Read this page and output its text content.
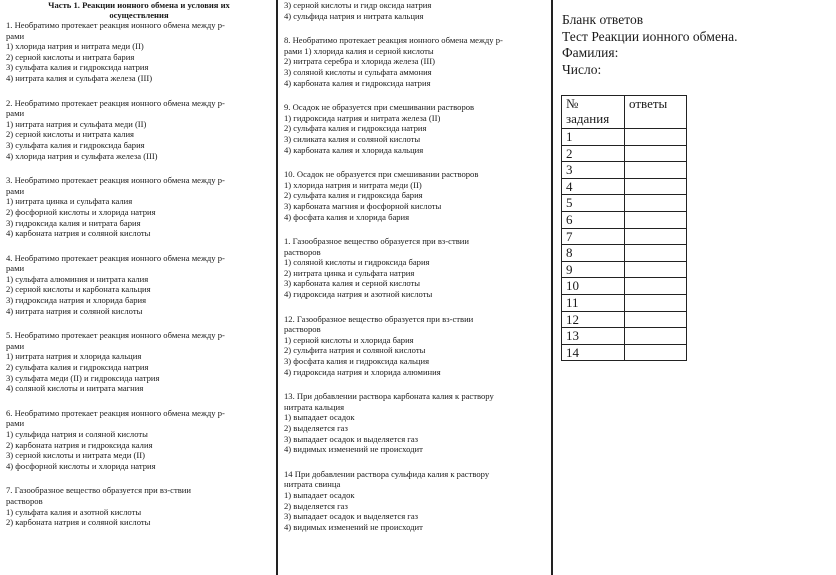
Часть 1. Реакции ионного обмена и условия их
осуществления
1. Необратимо протекает реакция ионного обмена между р-
рами
1) хлорида натрия и нитрата меди (II)
2) серной кислоты и нитрата бария
3) сульфата калия и гидроксида натрия
4) нитрата калия и сульфата железа (III)
2. Необратимо протекает реакция ионного обмена между р-
рами
1) нитрата натрия и сульфата меди (II)
2) серной кислоты и нитрата калия
3) сульфата калия и гидроксида бария
4) хлорида натрия и сульфата железа (III)
3. Необратимо протекает реакция ионного обмена между р-
рами
1) нитрата цинка и сульфата калия
2) фосфорной кислоты и хлорида натрия
3) гидроксида калия и нитрата бария
4) карбоната натрия и соляной кислоты
4. Необратимо протекает реакция ионного обмена между р-
рами
1) сульфата алюминия и нитрата калия
2) серной кислоты и карбоната кальция
3) гидроксида натрия и хлорида бария
4) нитрата натрия и соляной кислоты
5. Необратимо протекает реакция ионного обмена между р-
рами
1) нитрата натрия и хлорида кальция
2) сульфата калия и гидроксида натрия
3) сульфата меди (II) и гидроксида натрия
4) соляной кислоты и нитрата магния
6. Необратимо протекает реакция ионного обмена между р-
рами
1) сульфида натрия и соляной кислоты
2) карбоната натрия и гидроксида калия
3) серной кислоты и нитрата меди (II)
4) фосфорной кислоты и хлорида натрия
7. Газообразное вещество образуется при вз-ствии
растворов
1) сульфата калия и азотной кислоты
2) карбоната натрия и соляной кислоты
3) серной кислоты и гидр оксида натрия
4) сульфида натрия и нитрата кальция
8. Необратимо протекает реакция ионного обмена между р-
рами 1) хлорида калия и серной кислоты
2) нитрата серебра и хлорида железа (III)
3) соляной кислоты и сульфата аммония
4) карбоната калия и гидроксида натрия
9. Осадок не образуется при смешивании растворов
1) гидроксида натрия и нитрата железа (II)
2) сульфата калия и гидроксида натрия
3) силиката калия и соляной кислоты
4) карбоната калия и хлорида кальция
10. Осадок не образуется при смешивании растворов
1) хлорида натрия и нитрата меди (II)
2) сульфата калия и гидроксида бария
3) карбоната магния и фосфорной кислоты
4) фосфата калия и хлорида бария
1. Газообразное вещество образуется при вз-ствии
растворов
1) соляной кислоты и гидроксида бария
2) нитрата цинка и сульфата натрия
3) карбоната калия и серной кислоты
4) гидроксида натрия и азотной кислоты
12. Газообразное вещество образуется при вз-ствии
растворов
1) серной кислоты и хлорида бария
2) сульфита натрия и соляной кислоты
3) фосфата калия и гидроксида кальция
4) гидроксида натрия и хлорида алюминия
13. При добавлении раствора карбоната калия к раствору
нитрата кальция
1) выпадает осадок
2) выделяется газ
3) выпадает осадок и выделяется газ
4) видимых изменений не происходит
14 При добавлении раствора сульфида калия к раствору
нитрата свинца
1) выпадает осадок
2) выделяется газ
3) выпадает осадок и выделяется газ
4) видимых изменений не происходит
Бланк ответов
Тест Реакции ионного обмена.
Фамилия:
Число:
№ задания	ответы
1	
2	
3	
4	
5	
6	
7	
8	
9	
10	
11	
12	
13	
14	
